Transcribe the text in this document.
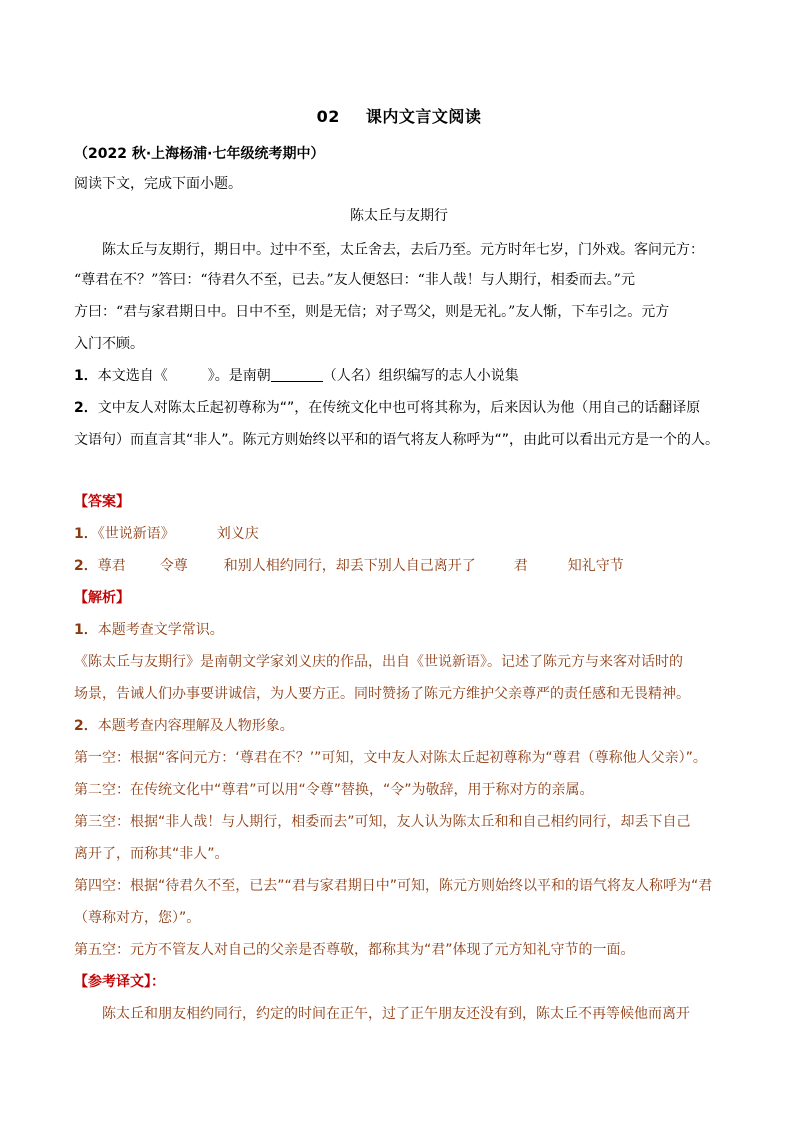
02 课内文言文阅读
（2022 秋·上海杨浦·七年级统考期中）
阅读下文，完成下面小题。
陈太丘与友期行
陈太丘与友期行，期日中。过中不至，太丘舍去，去后乃至。元方时年七岁，门外戏。客问元方：
“尊君在不？”答曰：“待君久不至，已去。”友人便怒曰：“非人哉！与人期行，相委而去。”元
方曰：“君与家君期日中。日中不至，则是无信；对子骂父，则是无礼。”友人惭，下车引之。元方
入门不顾。
1．本文选自《	》。是南朝	（人名）组织编写的志人小说集
2．文中友人对陈太丘起初尊称为“”，在传统文化中也可将其称为，后来因认为他（用自己的话翻译原
文语句）而直言其“非人”。陈元方则始终以平和的语气将友人称呼为“”，由此可以看出元方是一个的人。
【答案】
1．《世说新语》	刘义庆
2．尊君 令尊	和别人相约同行，却丢下别人自己离开了	君	知礼守节
【解析】
1．本题考查文学常识。
《陈太丘与友期行》是南朝文学家刘义庆的作品，出自《世说新语》。记述了陈元方与来客对话时的
场景，告诫人们办事要讲诚信，为人要方正。同时赞扬了陈元方维护父亲尊严的责任感和无畏精神。
2．本题考查内容理解及人物形象。
第一空：根据“客问元方：‘尊君在不？’”可知，文中友人对陈太丘起初尊称为“尊君（尊称他人父亲）”。
第二空：在传统文化中“尊君”可以用“令尊”替换，“令”为敬辞，用于称对方的亲属。
第三空：根据“非人哉！与人期行，相委而去”可知，友人认为陈太丘和和自己相约同行，却丢下自己
离开了，而称其“非人”。
第四空：根据“待君久不至，已去”“君与家君期日中”可知，陈元方则始终以平和的语气将友人称呼为“君
（尊称对方，您）”。
第五空：元方不管友人对自己的父亲是否尊敬，都称其为“君”体现了元方知礼守节的一面。
【参考译文】：
陈太丘和朋友相约同行，约定的时间在正午，过了正午朋友还没有到，陈太丘不再等候他而离开
